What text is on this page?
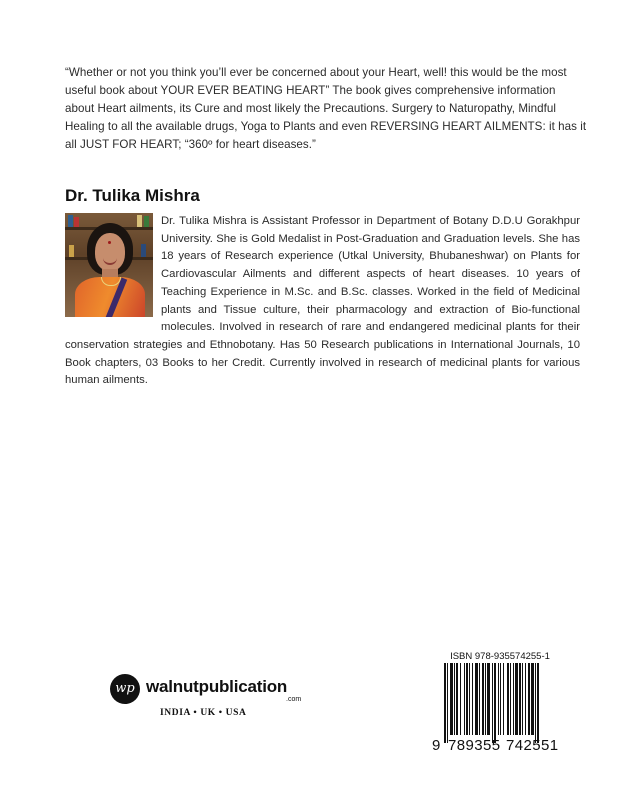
“Whether or not you think you’ll ever be concerned about your Heart, well! this would be the most useful book about YOUR EVER BEATING HEART” The book gives comprehensive information about Heart ailments, its Cure and most likely the Precautions. Surgery to Naturopathy, Mindful Healing to all the available drugs, Yoga to Plants and even REVERSING HEART AILMENTS: it has it all JUST FOR HEART; “360º for heart diseases.”

Dr. Tulika Mishra
Dr. Tulika Mishra is Assistant Professor in Department of Botany D.D.U Gorakhpur University. She is Gold Medalist in Post-Graduation and Graduation levels. She has 18 years of Research experience (Utkal University, Bhubaneshwar) on Plants for Cardiovascular Ailments and different aspects of heart diseases. 10 years of Teaching Experience in M.Sc. and B.Sc. classes. Worked in the field of Medicinal plants and Tissue culture, their pharmacology and extraction of Bio-functional molecules. Involved in research of rare and endangered medicinal plants for their conservation strategies and Ethnobotany. Has 50 Research publications in International Journals, 10 Book chapters, 03 Books to her Credit. Currently involved in research of medicinal plants for various human ailments.
wp walnutpublication
.com
INDIA • UK • USA
ISBN 978-935574255-1
9 789355 742551
